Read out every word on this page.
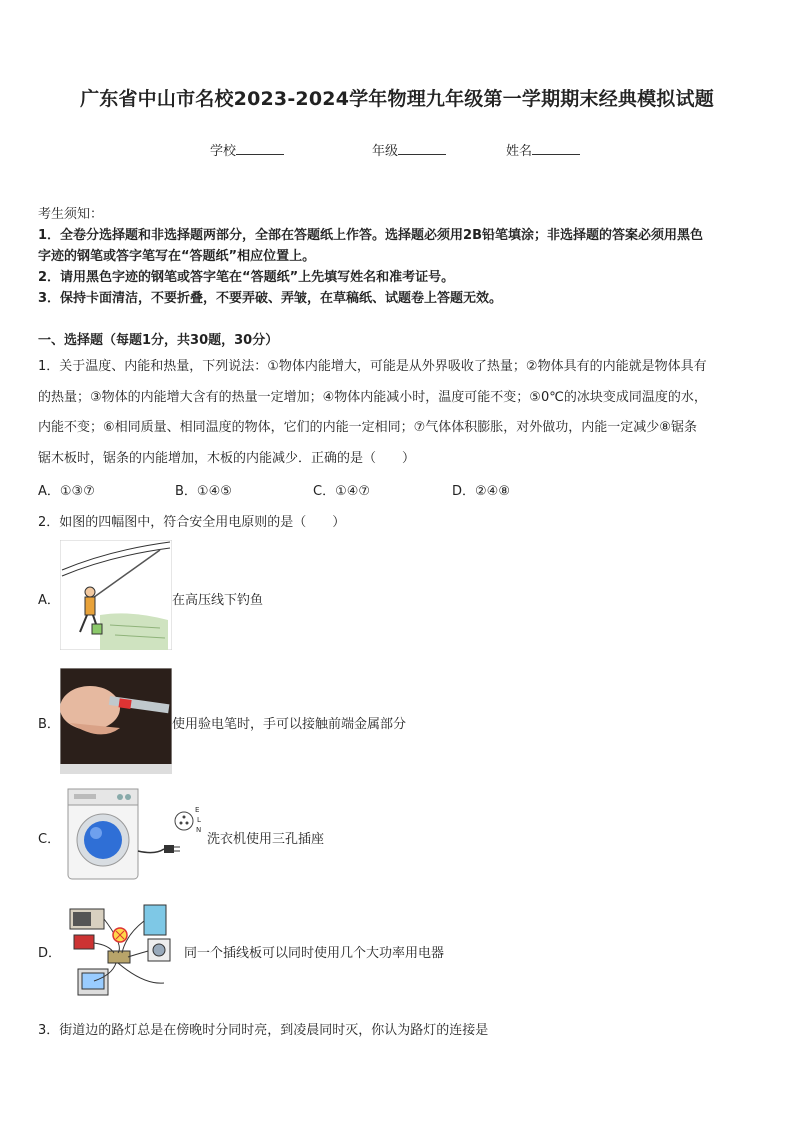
广东省中山市名校2023-2024学年物理九年级第一学期期末经典模拟试题
学校	年级	姓名
考生须知：
1．全卷分选择题和非选择题两部分，全部在答题纸上作答。选择题必须用2B铅笔填涂；非选择题的答案必须用黑色
字迹的钢笔或答字笔写在“答题纸”相应位置上。
2．请用黑色字迹的钢笔或答字笔在“答题纸”上先填写姓名和准考证号。
3．保持卡面清洁，不要折叠，不要弄破、弄皱，在草稿纸、试题卷上答题无效。
一、选择题（每题1分，共30题，30分）
1．关于温度、内能和热量，下列说法：①物体内能增大，可能是从外界吸收了热量；②物体具有的内能就是物体具有
的热量；③物体的内能增大含有的热量一定增加；④物体内能减小时，温度可能不变；⑤0℃的冰块变成同温度的水，
内能不变；⑥相同质量、相同温度的物体，它们的内能一定相同；⑦气体体积膨胀，对外做功，内能一定减少⑧锯条
锯木板时，锯条的内能增加，木板的内能减少．正确的是（　　）
A．①③⑦	B．①④⑤	C．①④⑦	D．②④⑧
2．如图的四幅图中，符合安全用电原则的是（　　）
A．	在高压线下钓鱼
B．	使用验电笔时，手可以接触前端金属部分
C．
E
L
N
洗衣机使用三孔插座
D．	同一个插线板可以同时使用几个大功率用电器
3．街道边的路灯总是在傍晚时分同时亮，到凌晨同时灭，你认为路灯的连接是
